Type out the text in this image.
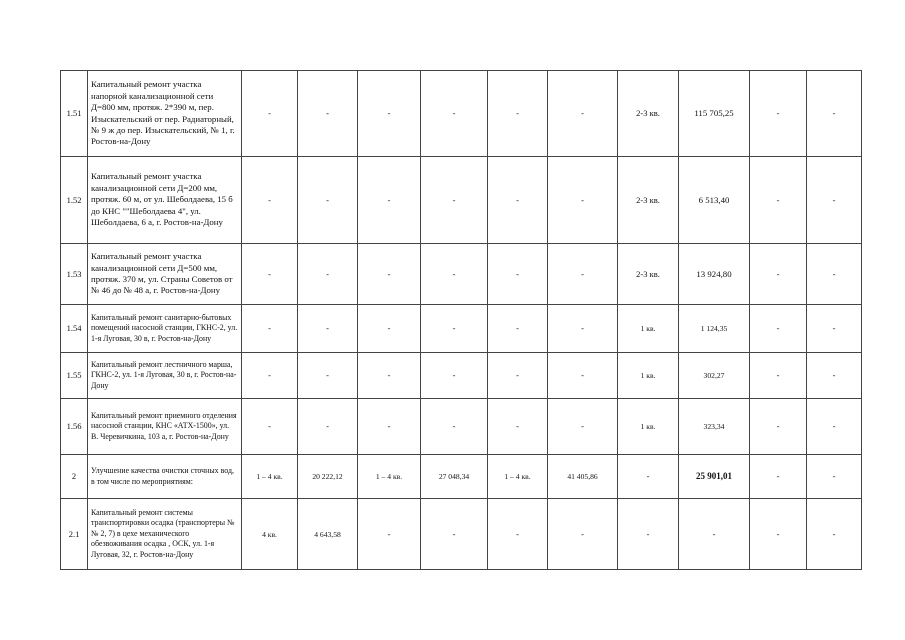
1.51	Капитальный ремонт участка напорной канализационной сети Д=800 мм, протяж. 2*390 м, пер. Изыскательский от пер. Радиаторный, № 9 ж до пер. Изыскательский, № 1, г. Ростов-на-Дону	-	-	-	-	-	-	2-3 кв.	115 705,25	-	-
1.52	Капитальный ремонт участка канализационной сети Д=200 мм, протяж. 60 м, от ул. Шеболдаева, 15 б до КНС ""Шеболдаева 4", ул. Шеболдаева, 6 а, г. Ростов-на-Дону	-	-	-	-	-	-	2-3 кв.	6 513,40	-	-
1.53	Капитальный ремонт участка канализационной сети Д=500 мм, протяж. 370 м, ул. Страны Советов от № 46 до № 48 а, г. Ростов-на-Дону	-	-	-	-	-	-	2-3 кв.	13 924,80	-	-
1.54	Капитальный ремонт санитарно-бытовых помещений насосной станции, ГКНС-2, ул. 1-я Луговая, 30 в, г. Ростов-на-Дону	-	-	-	-	-	-	1 кв.	1 124,35	-	-
1.55	Капитальный ремонт лестничного марша, ГКНС-2, ул. 1-я Луговая, 30 в, г. Ростов-на-Дону	-	-	-	-	-	-	1 кв.	302,27	-	-
1.56	Капитальный ремонт приемного отделения насосной станции, КНС «АТХ-1500», ул. В. Черевичкина, 103 а, г. Ростов-на-Дону	-	-	-	-	-	-	1 кв.	323,34	-	-
2	Улучшение качества очистки сточных вод, в том числе по мероприятиям:	1 – 4 кв.	20 222,12	1 – 4 кв.	27 048,34	1 – 4 кв.	41 405,86	-	25 901,01	-	-
2.1	Капитальный ремонт системы транспортировки осадка (транспортеры №№ 2, 7) в цехе механического обезвоживания осадка , ОСК, ул. 1-я Луговая, 32, г. Ростов-на-Дону	4 кв.	4 643,58	-	-	-	-	-	-	-	-
